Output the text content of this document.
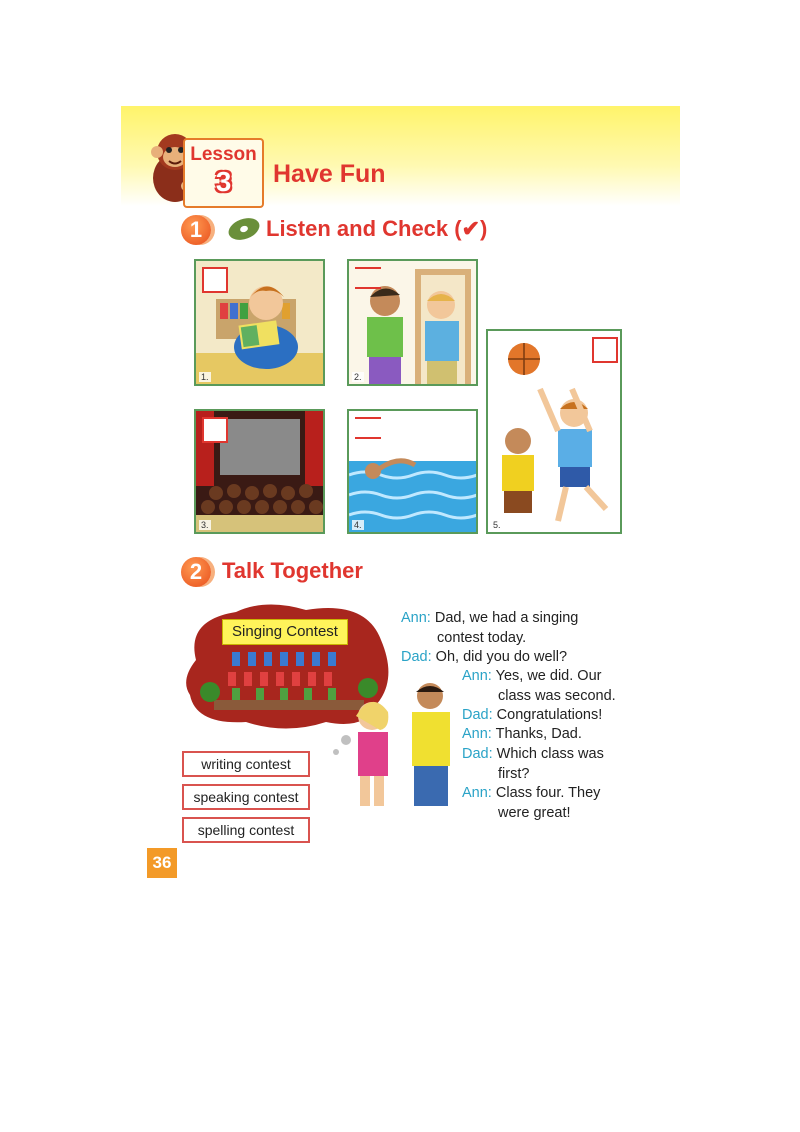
Lesson
3	Have Fun
1	Listen and Check (✔)
1.	2.
5.
3.	4.
2 Talk Together
Singing Contest
writing contest
speaking contest
spelling contest
Ann: Dad, we had a singing
contest today.
Dad: Oh, did you do well?
Ann: Yes, we did. Our
class was second.
Dad: Congratulations!
Ann: Thanks, Dad.
Dad: Which class was
first?
Ann: Class four. They
were great!
36
